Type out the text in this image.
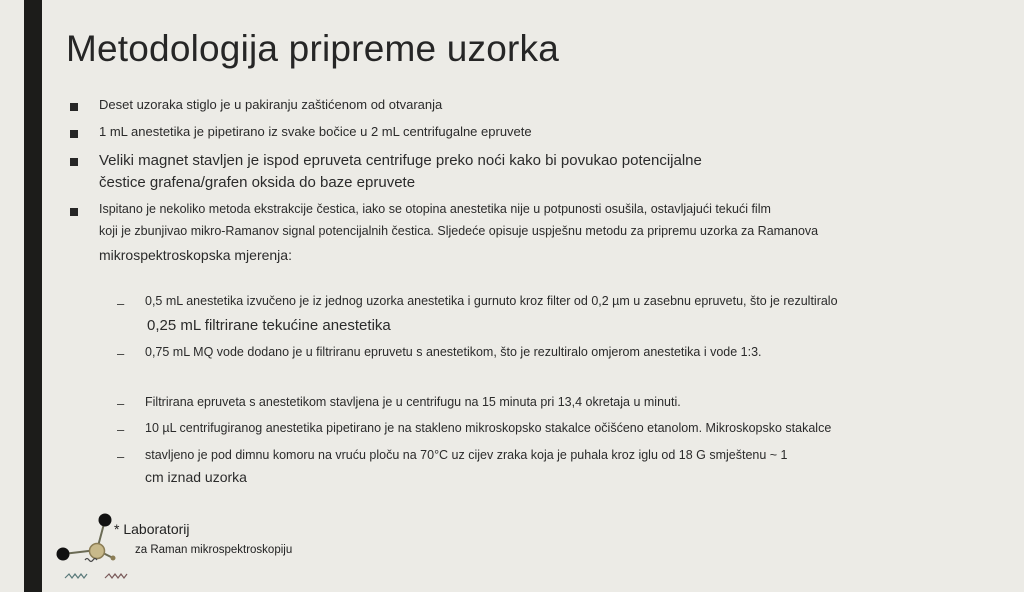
Metodologija pripreme uzorka
Deset uzoraka stiglo je u pakiranju zaštićenom od otvaranja
1 mL anestetika je pipetirano iz svake bočice u 2 mL centrifugalne epruvete
Veliki magnet stavljen je ispod epruveta centrifuge preko noći kako bi povukao potencijalne
čestice grafena/grafen oksida do baze epruvete
Ispitano je nekoliko metoda ekstrakcije čestica, iako se otopina anestetika nije u potpunosti osušila, ostavljajući tekući film
koji je zbunjivao mikro-Ramanov signal potencijalnih čestica. Sljedeće opisuje uspješnu metodu za pripremu uzorka za Ramanova
mikrospektroskopska mjerenja:
– 0,5 mL anestetika izvučeno je iz jednog uzorka anestetika i gurnuto kroz filter od 0,2 µm u zasebnu epruvetu, što je rezultiralo
0,25 mL filtrirane tekućine anestetika
– 0,75 mL MQ vode dodano je u filtriranu epruvetu s anestetikom, što je rezultiralo omjerom anestetika i vode 1:3.
– Filtrirana epruveta s anestetikom stavljena je u centrifugu na 15 minuta pri 13,4 okretaja u minuti.
– 10 µL centrifugiranog anestetika pipetirano je na stakleno mikroskopsko stakalce očišćeno etanolom. Mikroskopsko stakalce
– stavljeno je pod dimnu komoru na vruću ploču na 70°C uz cijev zraka koja je puhala kroz iglu od 18 G smještenu ~ 1
cm iznad uzorka
* Laboratorij
za Raman mikrospektroskopiju
